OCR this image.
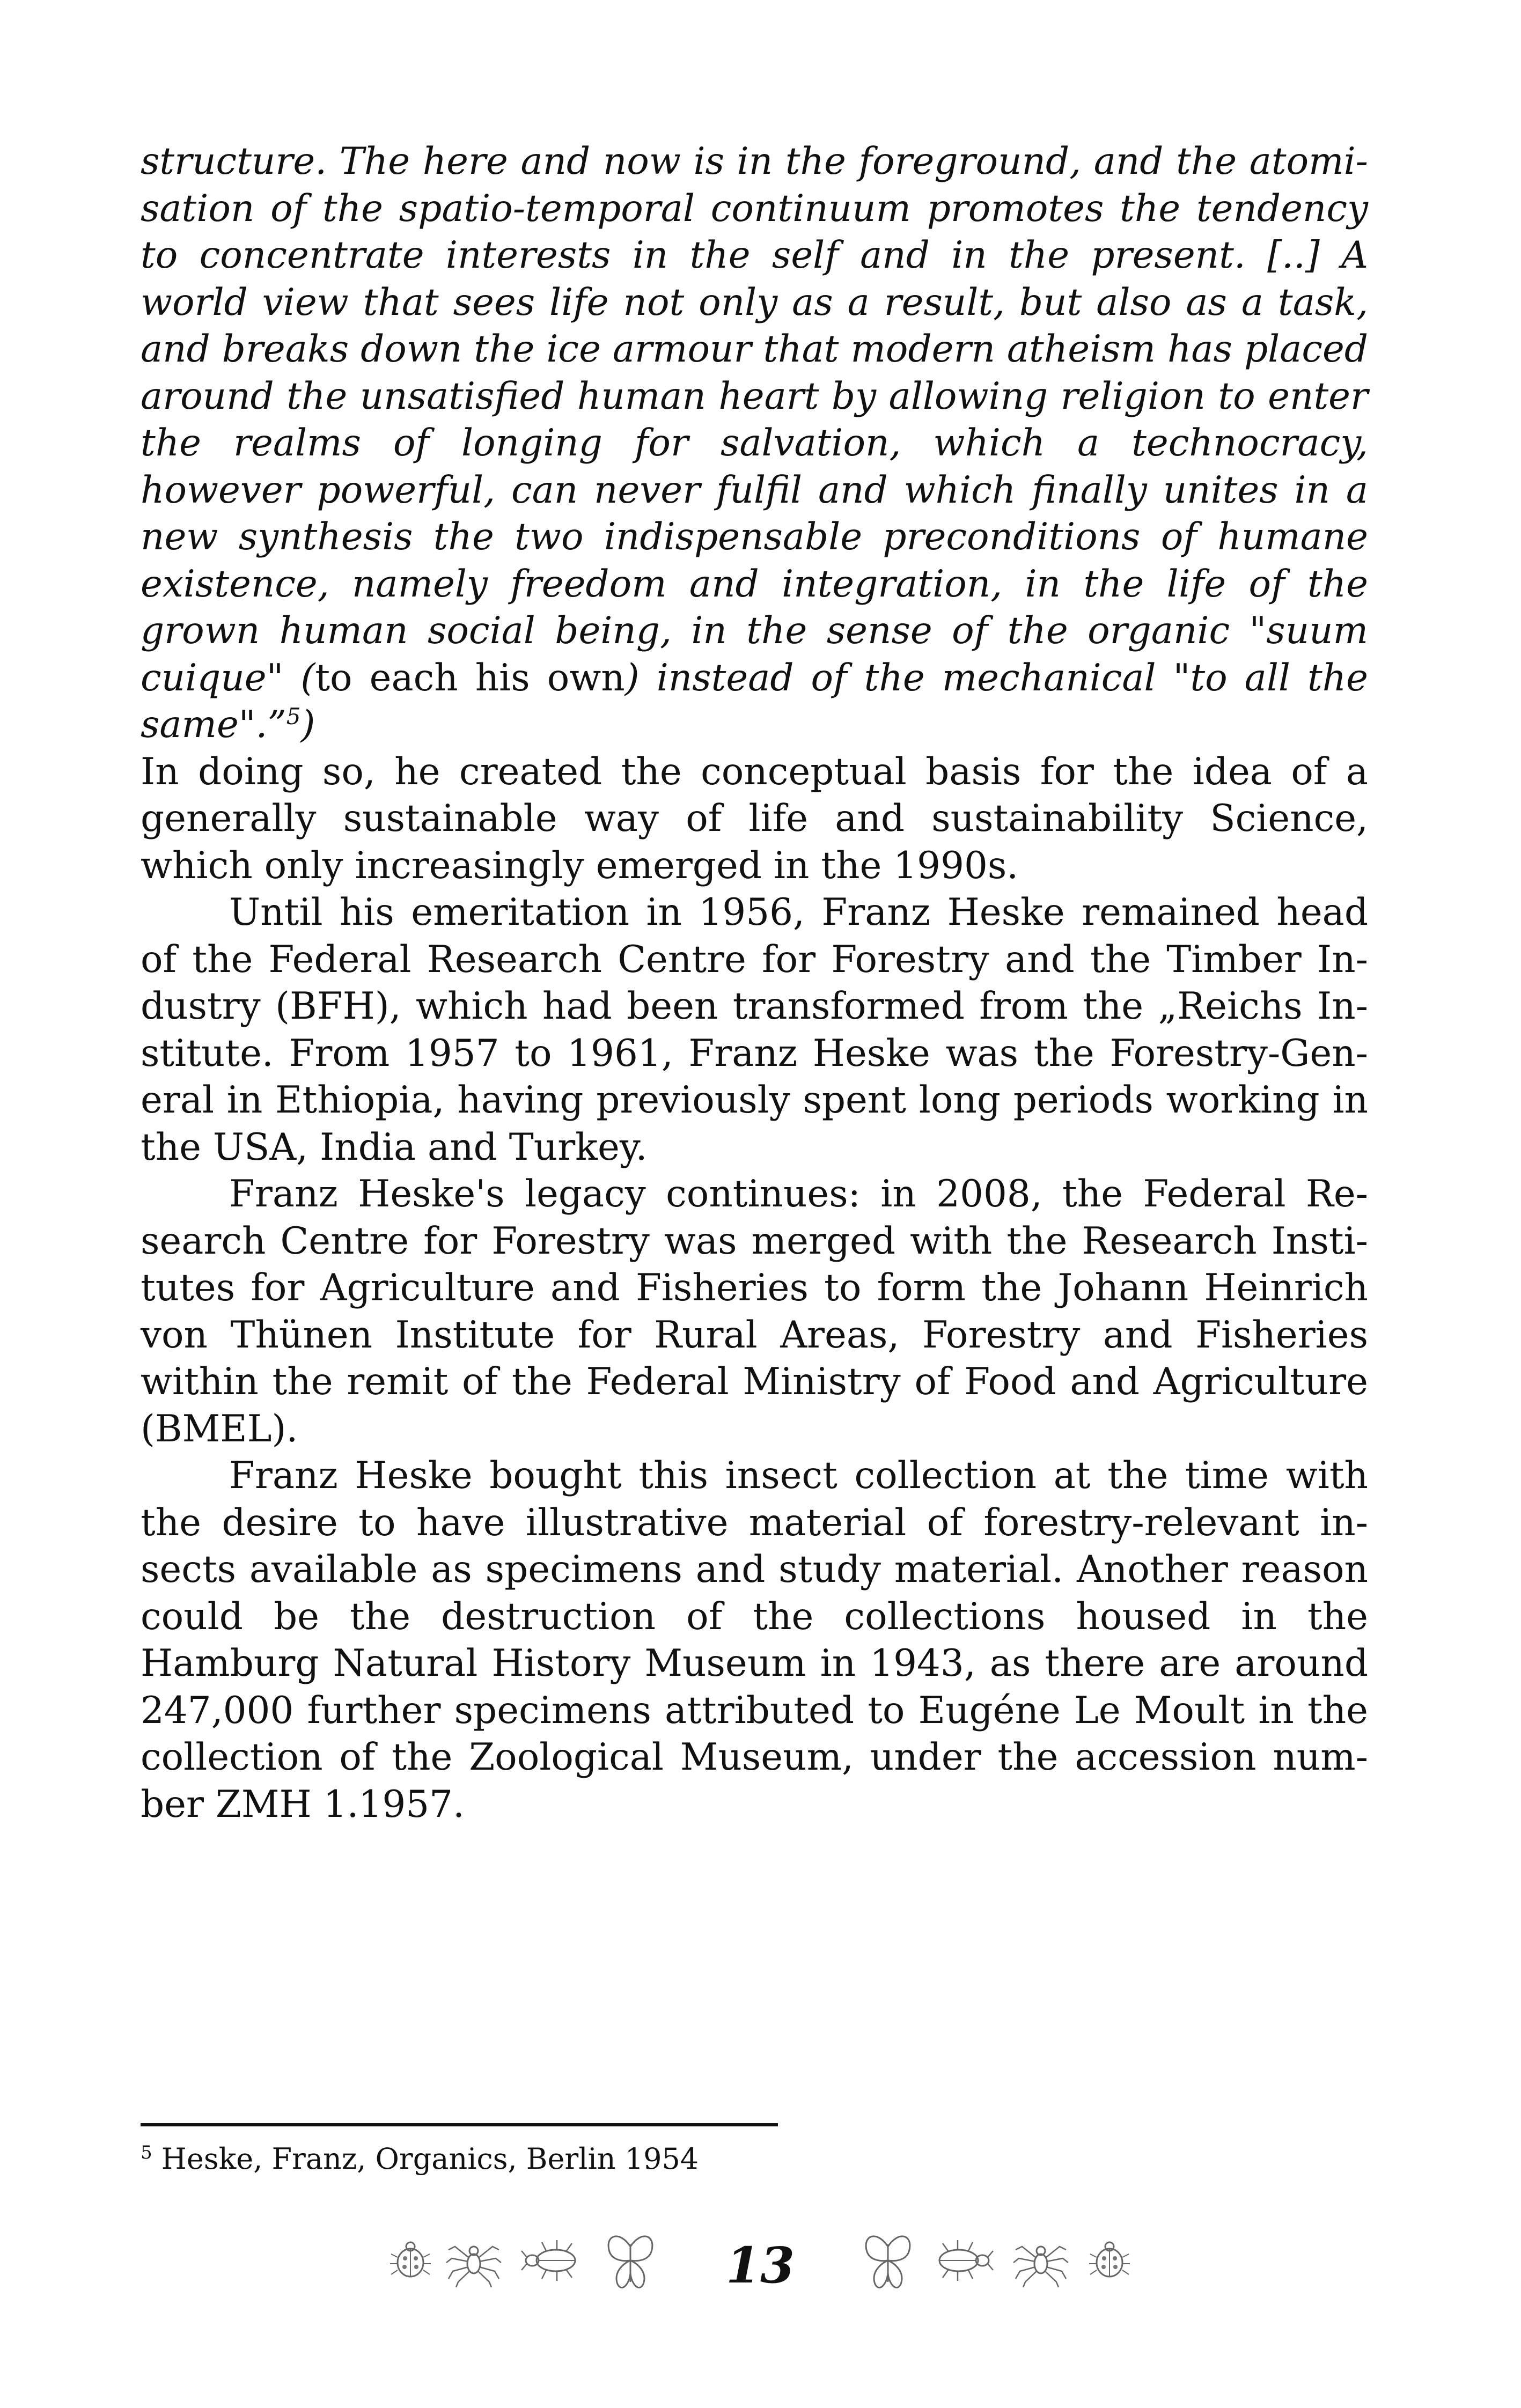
structure. The here and now is in the foreground, and the atomisation of the spatio-temporal continuum promotes the tendency to concentrate interests in the self and in the present. [..] A world view that sees life not only as a result, but also as a task, and breaks down the ice armour that modern atheism has placed around the unsatisfied human heart by allowing religion to enter the realms of longing for salvation, which a technocracy, however powerful, can never fulfil and which finally unites in a new synthesis the two indispensable preconditions of humane existence, namely freedom and integration, in the life of the grown human social being, in the sense of the organic "suum cuique" (to each his own) instead of the mechanical "to all the same".”$^5$)

In doing so, he created the conceptual basis for the idea of a generally sustainable way of life and sustainability Science, which only increasingly emerged in the 1990s.

Until his emeritation in 1956, Franz Heske remained head of the Federal Research Centre for Forestry and the Timber Industry (BFH), which had been transformed from the „Reichs Institute. From 1957 to 1961, Franz Heske was the Forestry-General in Ethiopia, having previously spent long periods working in the USA, India and Turkey.

Franz Heske's legacy continues: in 2008, the Federal Research Centre for Forestry was merged with the Research Institutes for Agriculture and Fisheries to form the Johann Heinrich von Thünen Institute for Rural Areas, Forestry and Fisheries within the remit of the Federal Ministry of Food and Agriculture (BMEL).

Franz Heske bought this insect collection at the time with the desire to have illustrative material of forestry-relevant insects available as specimens and study material. Another reason could be the destruction of the collections housed in the Hamburg Natural History Museum in 1943, as there are around 247,000 further specimens attributed to Eugéne Le Moult in the collection of the Zoological Museum, under the accession number ZMH 1.1957.

$^5$ Heske, Franz, Organics, Berlin 1954

13
